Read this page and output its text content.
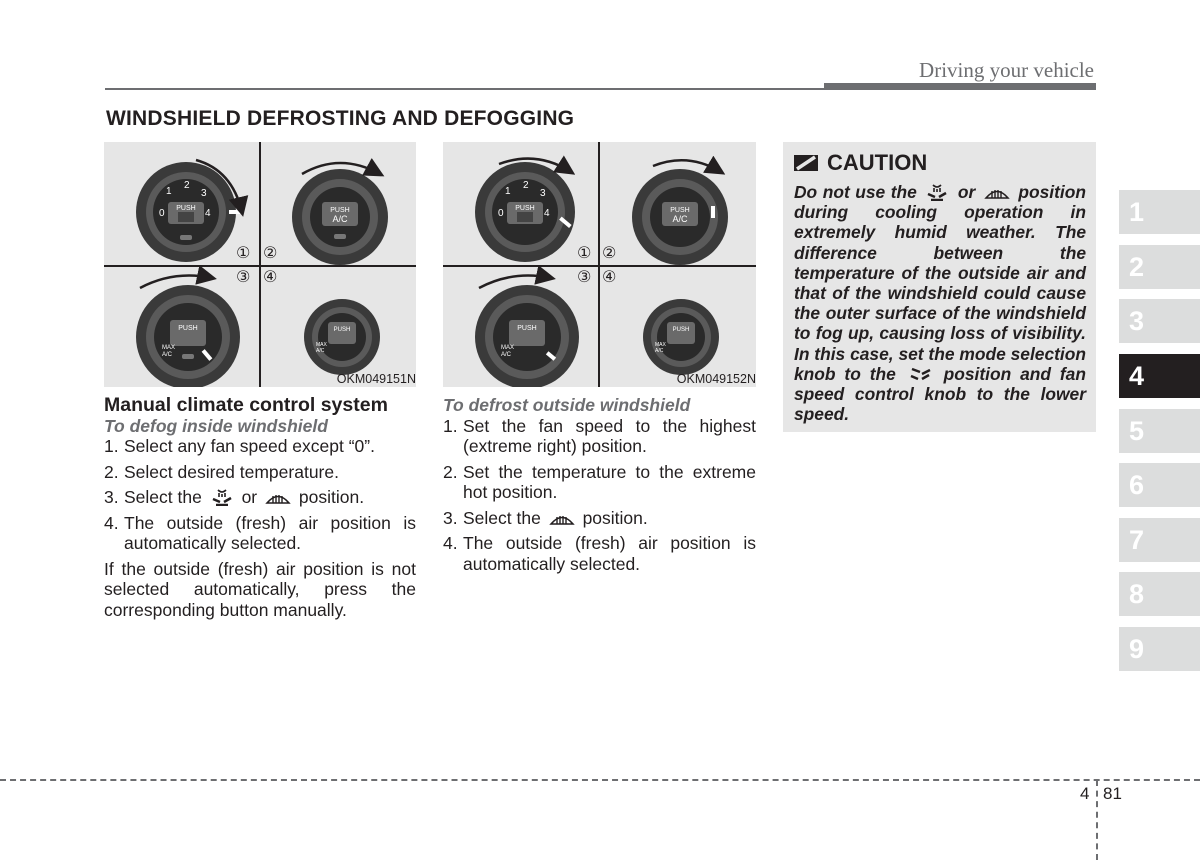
Driving your vehicle
WINDSHIELD DEFROSTING AND DEFOGGING
PUSH
0
1
2
3
4	PUSH
A/C
PUSH
MAX
A/C
PUSH
MAX
A/C
① ②
③ ④
OKM049151N
PUSH
0
1
2
3
4	PUSH
A/C
PUSH
MAX
A/C
PUSH
MAX
A/C
① ②
③ ④
OKM049152N

Manual climate control system

To defog inside windshield

1. Select any fan speed except “0”.
2. Select desired temperature.
3. Select the or position.
4. The outside (fresh) air position is automatically selected.

If the outside (fresh) air position is not selected automatically, press the corresponding button manually.

To defrost outside windshield

1. Set the fan speed to the highest (extreme right) position.
2. Set the temperature to the extreme hot position.
3. Select the position.
4. The outside (fresh) air position is automatically selected.
CAUTION
Do not use the or position during cooling operation in extremely humid weather. The difference between the temperature of the outside air and that of the windshield could cause the outer surface of the windshield to fog up, causing loss of visibility. In this case, set the mode selection knob to the	position and fan speed control knob to the lower speed.
1
2
3
4
5
6
7
8
9
4 81
